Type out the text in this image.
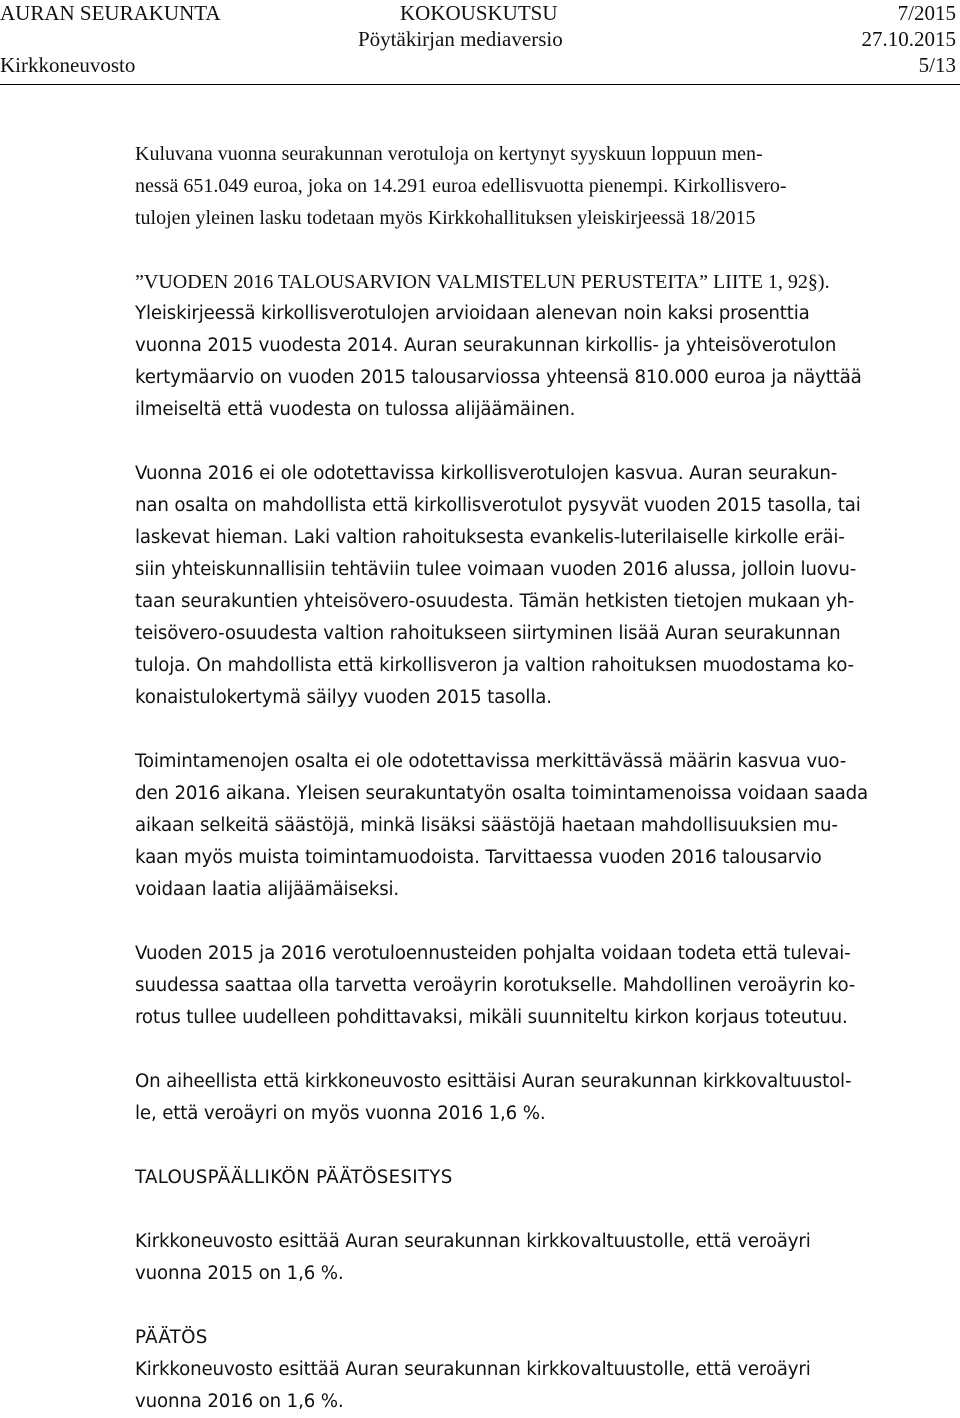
AURAN SEURAKUNTA	KOKOUSKUTSU	7/2015
Pöytäkirjan mediaversio	27.10.2015
Kirkkoneuvosto	5/13
Kuluvana vuonna seurakunnan verotuloja on kertynyt syyskuun loppuun men-
nessä 651.049 euroa, joka on 14.291 euroa edellisvuotta pienempi. Kirkollisvero-
tulojen yleinen lasku todetaan myös Kirkkohallituksen yleiskirjeessä 18/2015
”VUODEN 2016 TALOUSARVION VALMISTELUN PERUSTEITA” LIITE 1, 92§).
Yleiskirjeessä kirkollisverotulojen arvioidaan alenevan noin kaksi prosenttia
vuonna 2015 vuodesta 2014. Auran seurakunnan kirkollis- ja yhteisöverotulon
kertymäarvio on vuoden 2015 talousarviossa yhteensä 810.000 euroa ja näyttää
ilmeiseltä että vuodesta on tulossa alijäämäinen.
Vuonna 2016 ei ole odotettavissa kirkollisverotulojen kasvua. Auran seurakun-
nan osalta on mahdollista että kirkollisverotulot pysyvät vuoden 2015 tasolla, tai
laskevat hieman. Laki valtion rahoituksesta evankelis-luterilaiselle kirkolle eräi-
siin yhteiskunnallisiin tehtäviin tulee voimaan vuoden 2016 alussa, jolloin luovu-
taan seurakuntien yhteisövero-osuudesta. Tämän hetkisten tietojen mukaan yh-
teisövero-osuudesta valtion rahoitukseen siirtyminen lisää Auran seurakunnan
tuloja. On mahdollista että kirkollisveron ja valtion rahoituksen muodostama ko-
konaistulokertymä säilyy vuoden 2015 tasolla.
Toimintamenojen osalta ei ole odotettavissa merkittävässä määrin kasvua vuo-
den 2016 aikana. Yleisen seurakuntatyön osalta toimintamenoissa voidaan saada
aikaan selkeitä säästöjä, minkä lisäksi säästöjä haetaan mahdollisuuksien mu-
kaan myös muista toimintamuodoista. Tarvittaessa vuoden 2016 talousarvio
voidaan laatia alijäämäiseksi.
Vuoden 2015 ja 2016 verotuloennusteiden pohjalta voidaan todeta että tulevai-
suudessa saattaa olla tarvetta veroäyrin korotukselle. Mahdollinen veroäyrin ko-
rotus tullee uudelleen pohdittavaksi, mikäli suunniteltu kirkon korjaus toteutuu.
On aiheellista että kirkkoneuvosto esittäisi Auran seurakunnan kirkkovaltuustol-
le, että veroäyri on myös vuonna 2016 1,6 %.
TALOUSPÄÄLLIKÖN PÄÄTÖSESITYS
Kirkkoneuvosto esittää Auran seurakunnan kirkkovaltuustolle, että veroäyri
vuonna 2015 on 1,6 %.
PÄÄTÖS
Kirkkoneuvosto esittää Auran seurakunnan kirkkovaltuustolle, että veroäyri
vuonna 2016 on 1,6 %.
